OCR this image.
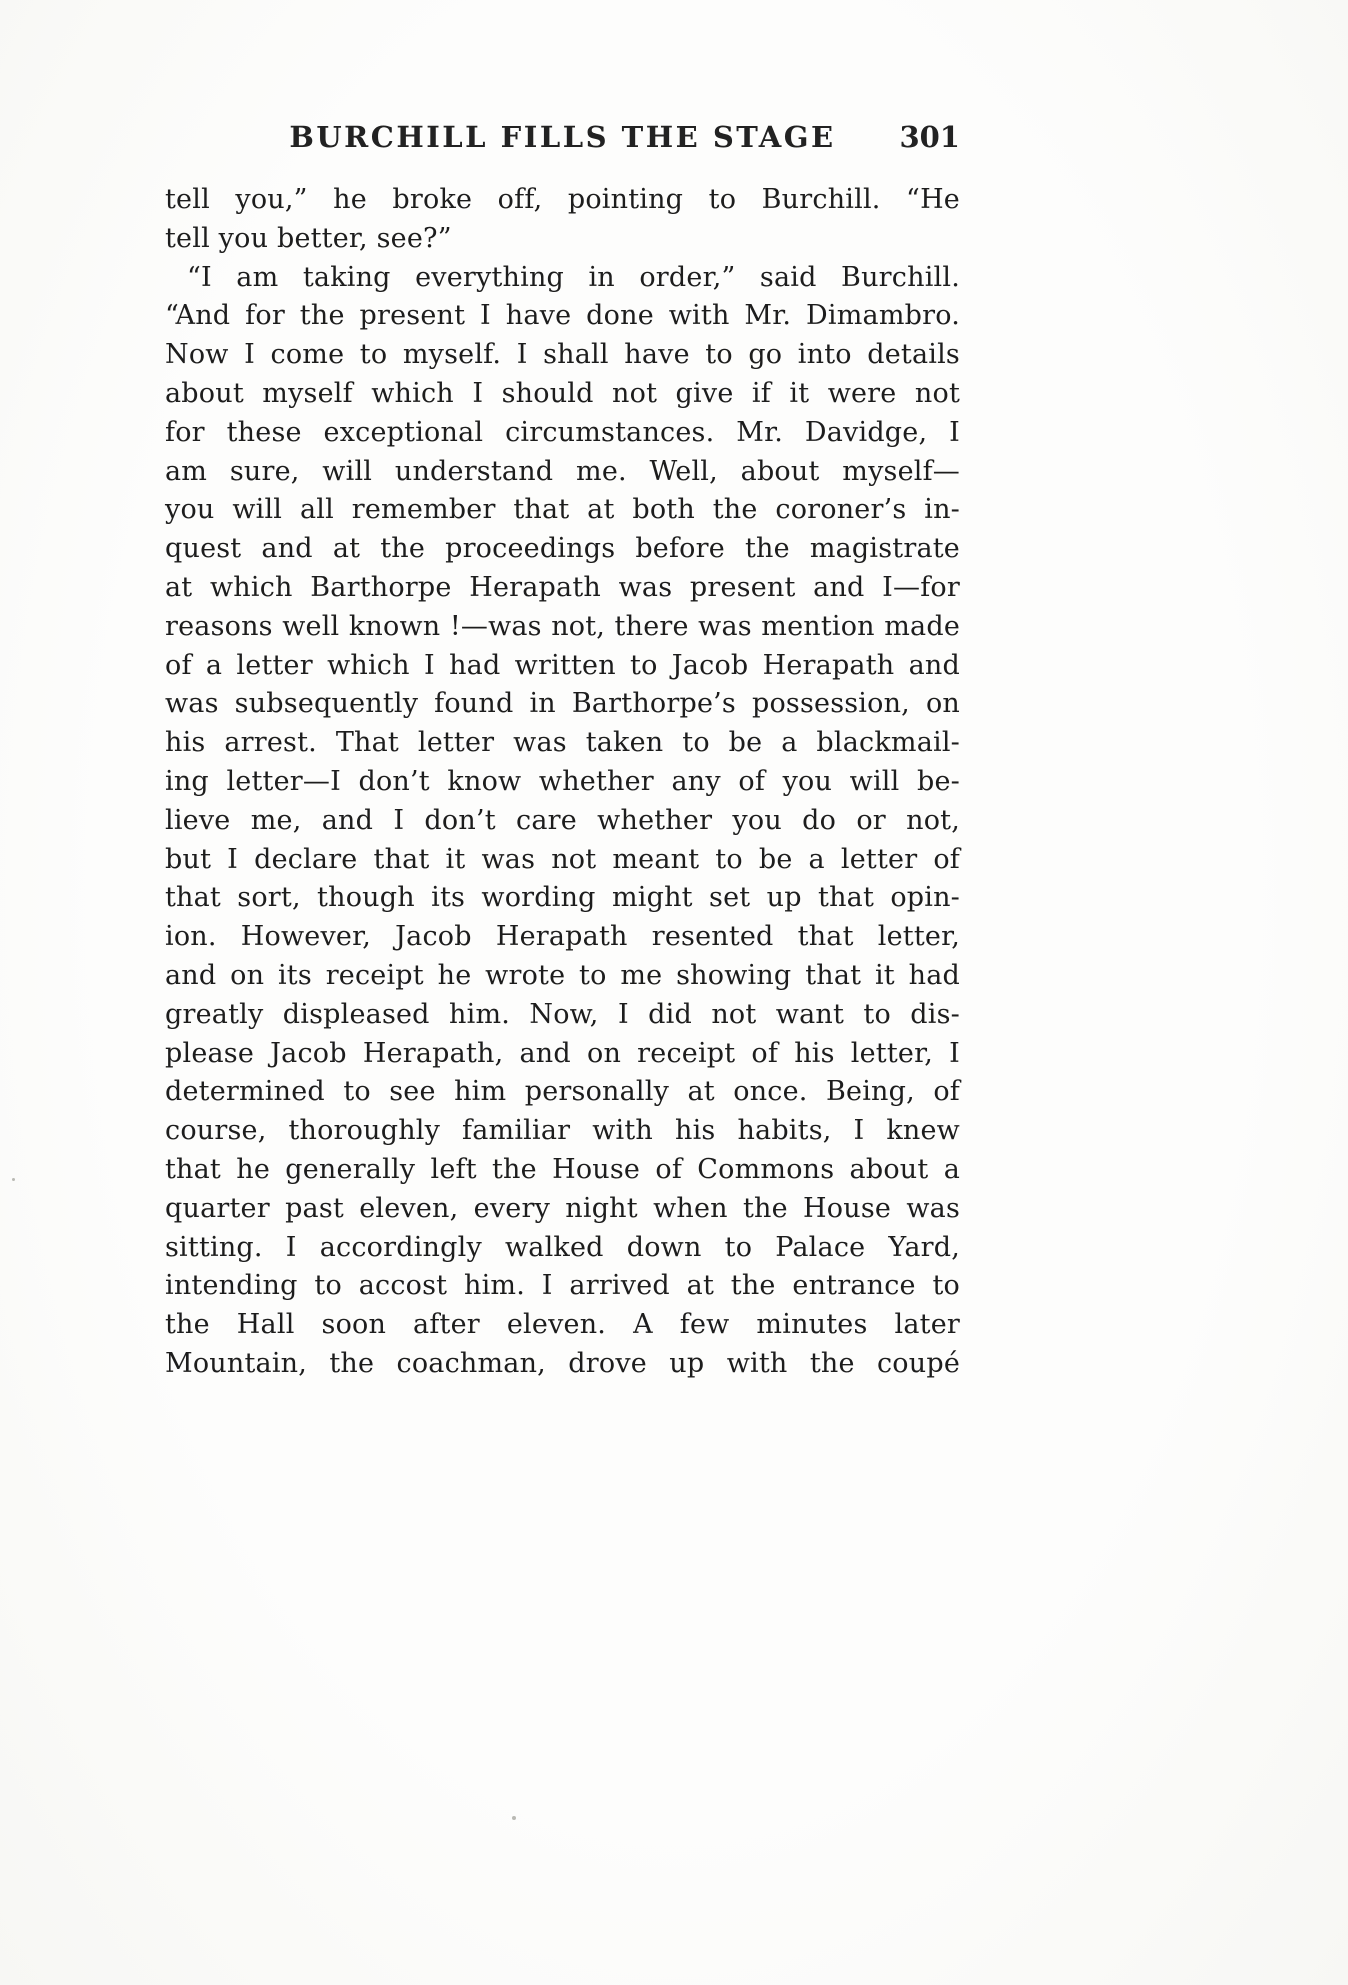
BURCHILL FILLS THE STAGE	301
tell you,” he broke off, pointing to Burchill. “He
tell you better, see?”
“I am taking everything in order,” said Burchill.
“And for the present I have done with Mr. Dimambro.
Now I come to myself. I shall have to go into details
about myself which I should not give if it were not
for these exceptional circumstances. Mr. Davidge, I
am sure, will understand me. Well, about myself—
you will all remember that at both the coroner’s in-
quest and at the proceedings before the magistrate
at which Barthorpe Herapath was present and I—for
reasons well known !—was not, there was mention made
of a letter which I had written to Jacob Herapath and
was subsequently found in Barthorpe’s possession, on
his arrest. That letter was taken to be a blackmail-
ing letter—I don’t know whether any of you will be-
lieve me, and I don’t care whether you do or not,
but I declare that it was not meant to be a letter of
that sort, though its wording might set up that opin-
ion. However, Jacob Herapath resented that letter,
and on its receipt he wrote to me showing that it had
greatly displeased him. Now, I did not want to dis-
please Jacob Herapath, and on receipt of his letter, I
determined to see him personally at once. Being, of
course, thoroughly familiar with his habits, I knew
that he generally left the House of Commons about a
quarter past eleven, every night when the House was
sitting. I accordingly walked down to Palace Yard,
intending to accost him. I arrived at the entrance to
the Hall soon after eleven. A few minutes later
Mountain, the coachman, drove up with the coupé
